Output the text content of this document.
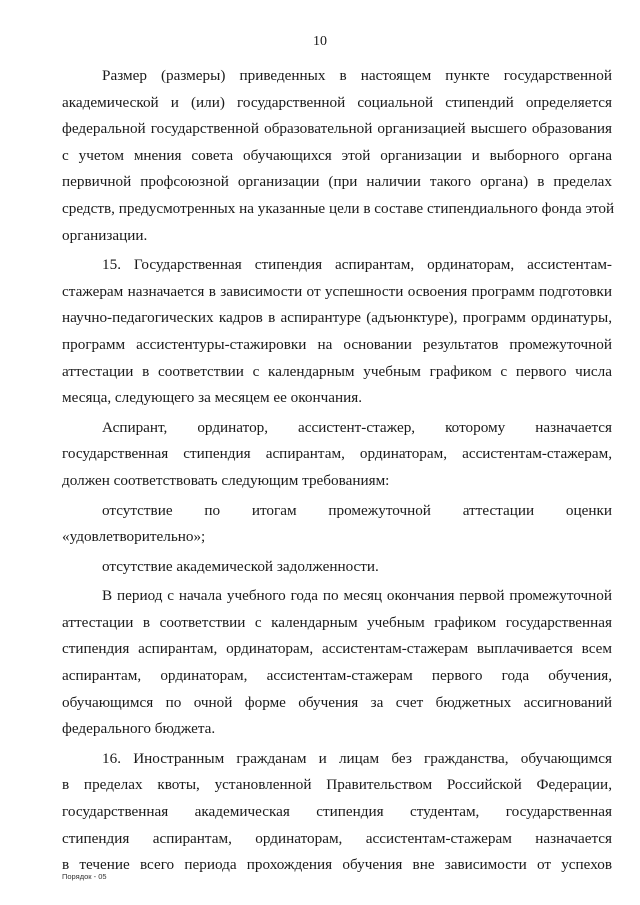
10
Размер (размеры) приведенных в настоящем пункте государственной
академической и (или) государственной социальной стипендий определяется
федеральной государственной образовательной организацией высшего образования
с учетом мнения совета обучающихся этой организации и выборного органа
первичной профсоюзной организации (при наличии такого органа) в пределах
средств, предусмотренных на указанные цели в составе стипендиального фонда этой
организации.
15. Государственная стипендия аспирантам, ординаторам, ассистентам-
стажерам назначается в зависимости от успешности освоения программ подготовки
научно-педагогических кадров в аспирантуре (адъюнктуре), программ ординатуры,
программ ассистентуры-стажировки на основании результатов промежуточной
аттестации в соответствии с календарным учебным графиком с первого числа
месяца, следующего за месяцем ее окончания.
Аспирант, ординатор, ассистент-стажер, которому назначается
государственная стипендия аспирантам, ординаторам, ассистентам-стажерам,
должен соответствовать следующим требованиям:
отсутствие по итогам промежуточной аттестации оценки
«удовлетворительно»;
отсутствие академической задолженности.
В период с начала учебного года по месяц окончания первой промежуточной
аттестации в соответствии с календарным учебным графиком государственная
стипендия аспирантам, ординаторам, ассистентам-стажерам выплачивается всем
аспирантам, ординаторам, ассистентам-стажерам первого года обучения,
обучающимся по очной форме обучения за счет бюджетных ассигнований
федерального бюджета.
16. Иностранным гражданам и лицам без гражданства, обучающимся
в пределах квоты, установленной Правительством Российской Федерации,
государственная академическая стипендия студентам, государственная
стипендия аспирантам, ординаторам, ассистентам-стажерам назначается
в течение всего периода прохождения обучения вне зависимости от успехов
Порядок - 05
